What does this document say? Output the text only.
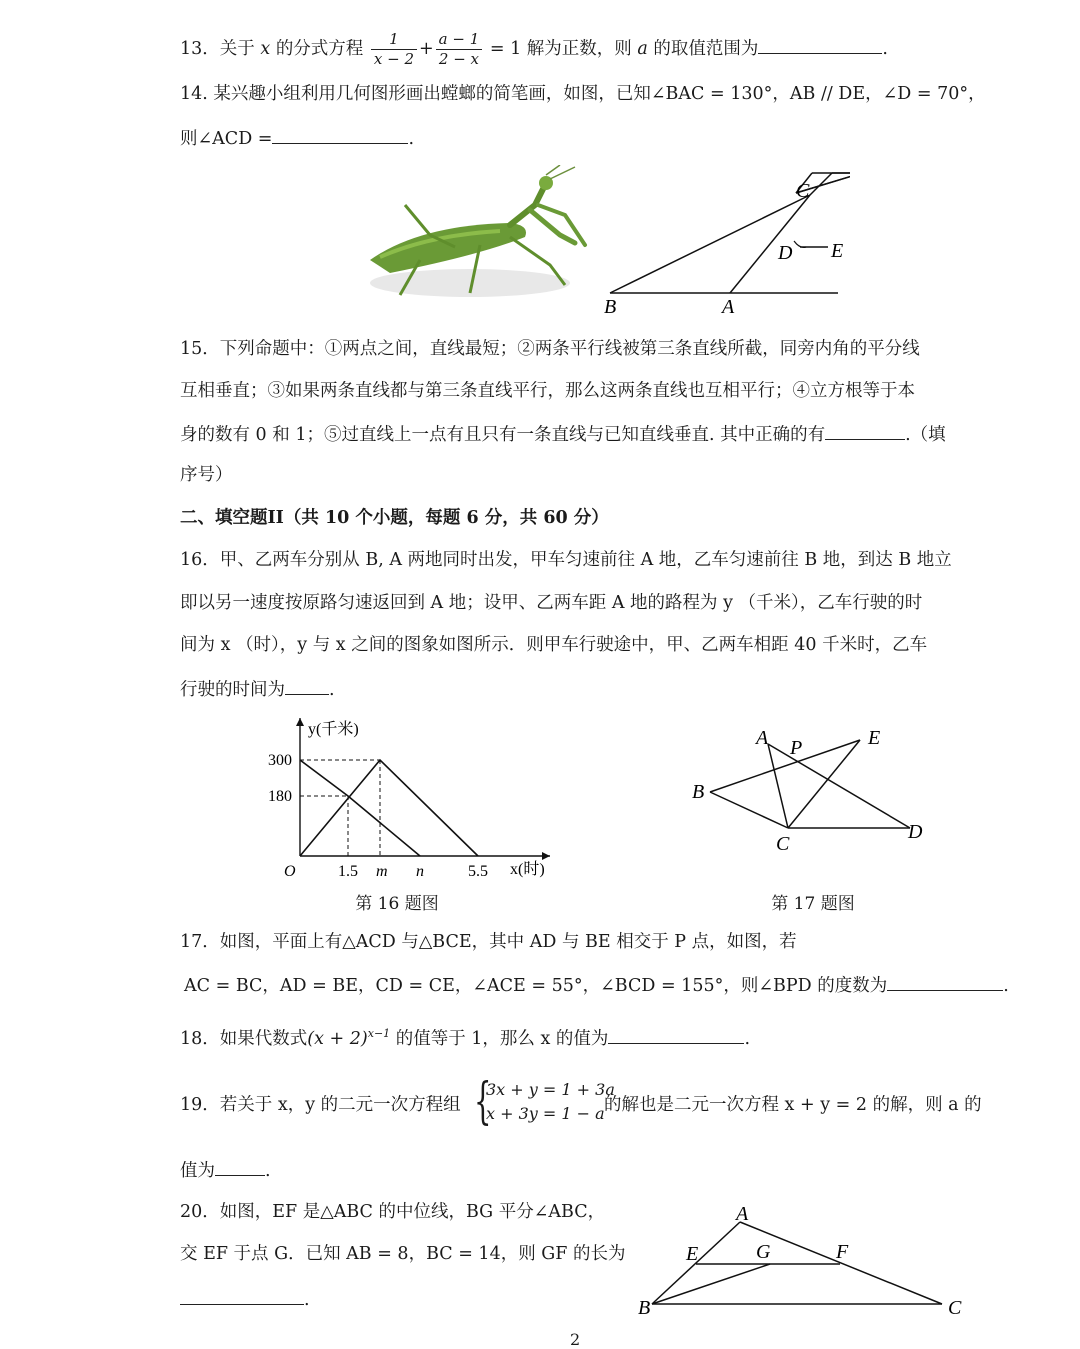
13．关于 x 的分式方程 $\frac{1}{x - 2} + \frac{a - 1}{2 - x} = 1$ 解为正数，则 a 的取值范围为	.
14. 某兴趣小组利用几何图形画出螳螂的简笔画，如图，已知∠BAC = 130°，AB // DE，∠D = 70°，
则∠ACD =	.
C
D E
B	A
15．下列命题中：①两点之间，直线最短；②两条平行线被第三条直线所截，同旁内角的平分线
互相垂直；③如果两条直线都与第三条直线平行，那么这两条直线也互相平行；④立方根等于本
身的数有 0 和 1；⑤过直线上一点有且只有一条直线与已知直线垂直. 其中正确的有	.（填
序号）
二、填空题II（共 10 个小题，每题 6 分，共 60 分）
16．甲、乙两车分别从 B, A 两地同时出发，甲车匀速前往 A 地，乙车匀速前往 B 地，到达 B 地立
即以另一速度按原路匀速返回到 A 地；设甲、乙两车距 A 地的路程为 y （千米），乙车行驶的时
间为 x （时），y 与 x 之间的图象如图所示．则甲车行驶途中，甲、乙两车相距 40 千米时，乙车
行驶的时间为	.
1.5 m n	5.5
300
180
O
y(千米)
x(时)
第 16 题图
A P	E
B
C
D
第 17 题图
17．如图，平面上有△ACD 与△BCE，其中 AD 与 BE 相交于 P 点，如图，若
AC = BC，AD = BE，CD = CE，∠ACE = 55°，∠BCD = 155°，则∠BPD 的度数为	.
18．如果代数式$(x + 2)^{x-1}$ 的值等于 1，那么 x 的值为	.
19．若关于 x，y 的二元一次方程组 {
3x + y = 1 + 3a
x + 3y = 1 − a 的解也是二元一次方程 x + y = 2 的解，则 a 的
值为	.
20．如图，EF 是△ABC 的中位线，BG 平分∠ABC，
交 EF 于点 G．已知 AB = 8，BC = 14，则 GF 的长为
.
A
E	G	F
B	C
2
